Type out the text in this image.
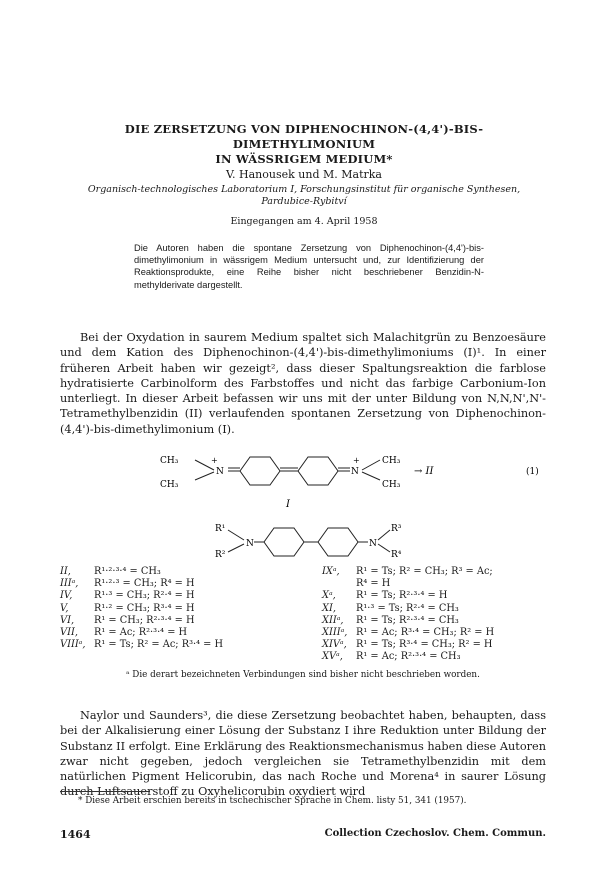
DIE ZERSETZUNG VON DIPHENOCHINON-(4,4')-BIS-DIMETHYLIMONIUM
IN WÄSSRIGEM MEDIUM*
V. Hanousek und M. Matrka
Organisch-technologisches Laboratorium I, Forschungsinstitut für organische Synthesen,
Pardubice-Rybitví
Eingegangen am 4. April 1958
Die Autoren haben die spontane Zersetzung von Diphenochinon-(4,4')-bis-dimethylimonium in wässrigem Medium untersucht und, zur Identifizierung der Reaktionsprodukte, eine Reihe bisher nicht beschriebener Benzidin-N-methylderivate dargestellt.

Bei der Oxydation in saurem Medium spaltet sich Malachitgrün zu Benzoesäure und dem Kation des Diphenochinon-(4,4')-bis-dimethylimoniums (I)¹. In einer früheren Arbeit haben wir gezeigt², dass dieser Spaltungsreaktion die farblose hydratisierte Carbinolform des Farbstoffes und nicht das farbige Carbonium-Ion unterliegt. In dieser Arbeit befassen wir uns mit der unter Bildung von N,N,N',N'-Tetramethylbenzidin (II) verlaufenden spontanen Zersetzung von Diphenochinon-(4,4')-bis-dimethylimonium (I).

CH₃
CH₃
N
+
N
+ CH₃
CH₃
→ II	(1)
I
R¹
R²
N	N
R³
R⁴
II, R¹·²·³·⁴ = CH₃
IIIᵃ, R¹·²·³ = CH₃; R⁴ = H
IV, R¹·³ = CH₃; R²·⁴ = H
V,	R¹·² = CH₃; R³·⁴ = H
VI, R¹ = CH₃; R²·³·⁴ = H
VII, R¹ = Ac; R²·³·⁴ = H
VIIIᵃ, R¹ = Ts; R² = Ac; R³·⁴ = H
IXᵃ, R¹ = Ts; R² = CH₃; R³ = Ac;
R⁴ = H
Xᵃ, R¹ = Ts; R²·³·⁴ = H
XI, R¹·³ = Ts; R²·⁴ = CH₃
XIIᵃ, R¹ = Ts; R²·³·⁴ = CH₃
XIIIᵃ, R¹ = Ac; R³·⁴ = CH₃; R² = H
XIVᵃ, R¹ = Ts; R³·⁴ = CH₃; R² = H
XVᵃ, R¹ = Ac; R²·³·⁴ = CH₃
ᵃ Die derart bezeichneten Verbindungen sind bisher nicht beschrieben worden.

Naylor und Saunders³, die diese Zersetzung beobachtet haben, behaupten, dass bei der Alkalisierung einer Lösung der Substanz I ihre Reduktion unter Bildung der Substanz II erfolgt. Eine Erklärung des Reaktionsmechanismus haben diese Autoren zwar nicht gegeben, jedoch vergleichen sie Tetramethylbenzidin mit dem natürlichen Pigment Helicorubin, das nach Roche und Morena⁴ in saurer Lösung durch Luftsauerstoff zu Oxyhelicorubin oxydiert wird

* Diese Arbeit erschien bereits in tschechischer Sprache in Chem. listy 51, 341 (1957).
1464	Collection Czechoslov. Chem. Commun.
